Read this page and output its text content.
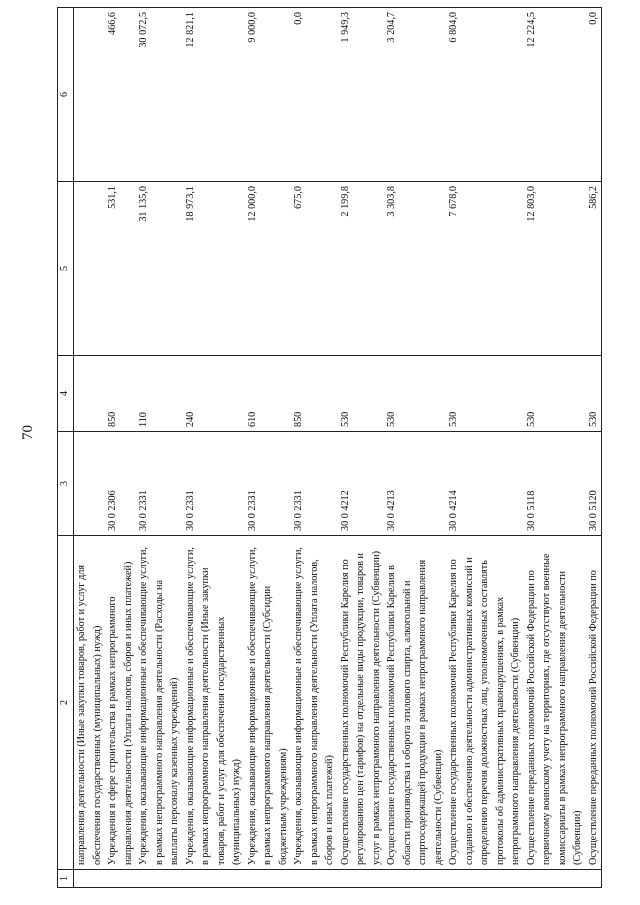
70
1	2	3	4	5	6
	направления деятельности (Иные закупки товаров, работ и услуг для обеспечения государственных (муниципальных) нужд)				
	Учреждения в сфере строительства в рамках непрограммного направления деятельности (Уплата налогов, сборов и иных платежей)	30 0 2306	850	531,1	466,6
	Учреждения, оказывающие информационные и обеспечивающие услуги, в рамках непрограммного направления деятельности (Расходы на выплаты персоналу казенных учреждений)	30 0 2331	110	31 135,0	30 072,5
	Учреждения, оказывающие информационные и обеспечивающие услуги, в рамках непрограммного направления деятельности (Иные закупки товаров, работ и услуг для обеспечения государственных (муниципальных) нужд)	30 0 2331	240	18 973,1	12 821,1
	Учреждения, оказывающие информационные и обеспечивающие услуги, в рамках непрограммного направления деятельности (Субсидии бюджетным учреждениям)	30 0 2331	610	12 000,0	9 000,0
	Учреждения, оказывающие информационные и обеспечивающие услуги, в рамках непрограммного направления деятельности (Уплата налогов, сборов и иных платежей)	30 0 2331	850	675,0	0,0
	Осуществление государственных полномочий Республики Карелия по регулированию цен (тарифов) на отдельные виды продукции, товаров и услуг в рамках непрограммного направления деятельности (Субвенции)	30 0 4212	530	2 199,8	1 949,3
	Осуществление государственных полномочий Республики Карелия в области производства и оборота этилового спирта, алкогольной и спиртосодержащей продукции в рамках непрограммного направления деятельности (Субвенции)	30 0 4213	530	3 303,8	3 204,7
	Осуществление государственных полномочий Республики Карелия по созданию и обеспечению деятельности административных комиссий и определению перечня должностных лиц, уполномоченных составлять протоколы об административных правонарушениях, в рамках непрограммного направления деятельности (Субвенции)	30 0 4214	530	7 678,0	6 804,0
	Осуществление переданных полномочий Российской Федерации по первичному воинскому учету на территориях, где отсутствуют военные комиссариаты в рамках непрограммного направления деятельности (Субвенции)	30 0 5118	530	12 803,0	12 224,5
	Осуществление переданных полномочий Российской Федерации по	30 0 5120	530	586,2	0,0
